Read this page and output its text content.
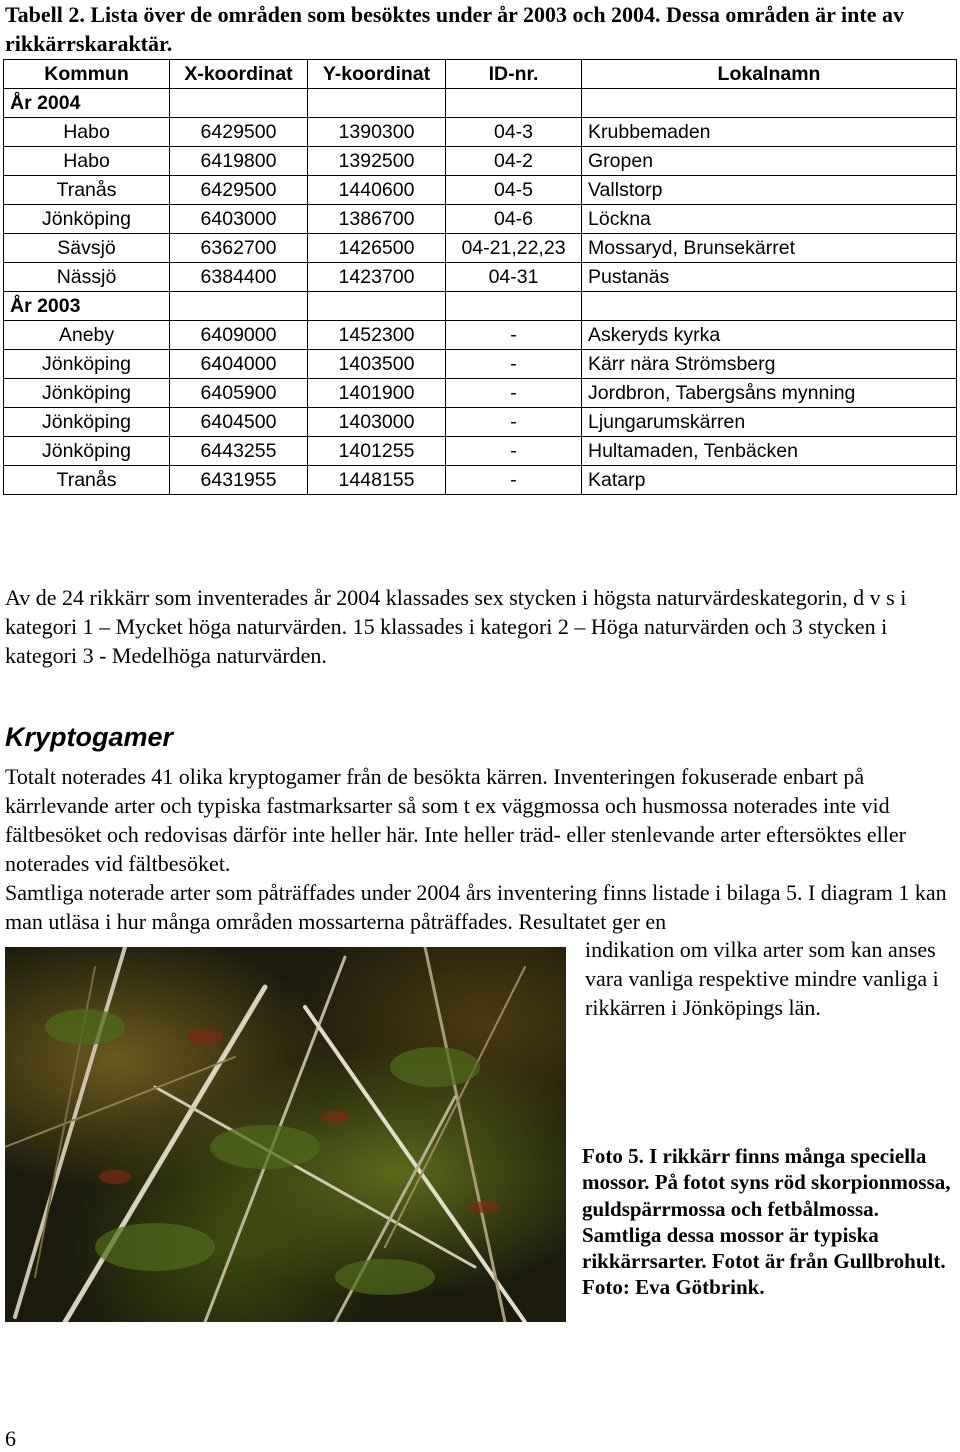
Tabell 2. Lista över de områden som besöktes under år 2003 och 2004. Dessa områden är inte av rikkärrskaraktär.
Kommun	X-koordinat	Y-koordinat	ID-nr.	Lokalnamn
År 2004				
Habo	6429500	1390300	04-3	Krubbemaden
Habo	6419800	1392500	04-2	Gropen
Tranås	6429500	1440600	04-5	Vallstorp
Jönköping	6403000	1386700	04-6	Löckna
Sävsjö	6362700	1426500	04-21,22,23	Mossaryd, Brunsekärret
Nässjö	6384400	1423700	04-31	Pustanäs
År 2003				
Aneby	6409000	1452300	-	Askeryds kyrka
Jönköping	6404000	1403500	-	Kärr nära Strömsberg
Jönköping	6405900	1401900	-	Jordbron, Tabergsåns mynning
Jönköping	6404500	1403000	-	Ljungarumskärren
Jönköping	6443255	1401255	-	Hultamaden, Tenbäcken
Tranås	6431955	1448155	-	Katarp

Av de 24 rikkärr som inventerades år 2004 klassades sex stycken i högsta naturvärdeskategorin, d v s i kategori 1 – Mycket höga naturvärden. 15 klassades i kategori 2 – Höga naturvärden och 3 stycken i kategori 3 - Medelhöga naturvärden.

Kryptogamer

Totalt noterades 41 olika kryptogamer från de besökta kärren. Inventeringen fokuserade enbart på kärrlevande arter och typiska fastmarksarter så som t ex väggmossa och husmossa noterades inte vid fältbesöket och redovisas därför inte heller här. Inte heller träd- eller stenlevande arter eftersöktes eller noterades vid fältbesöket.

Samtliga noterade arter som påträffades under 2004 års inventering finns listade i bilaga 5. I diagram 1 kan man utläsa i hur många områden mossarterna påträffades. Resultatet ger en

indikation om vilka arter som kan anses vara vanliga respektive mindre vanliga i rikkärren i Jönköpings län.
Foto 5. I rikkärr finns många speciella mossor. På fotot syns röd skorpionmossa, guldspärrmossa och fetbålmossa. Samtliga dessa mossor är typiska rikkärrsarter. Fotot är från Gullbrohult. Foto: Eva Götbrink.
6
